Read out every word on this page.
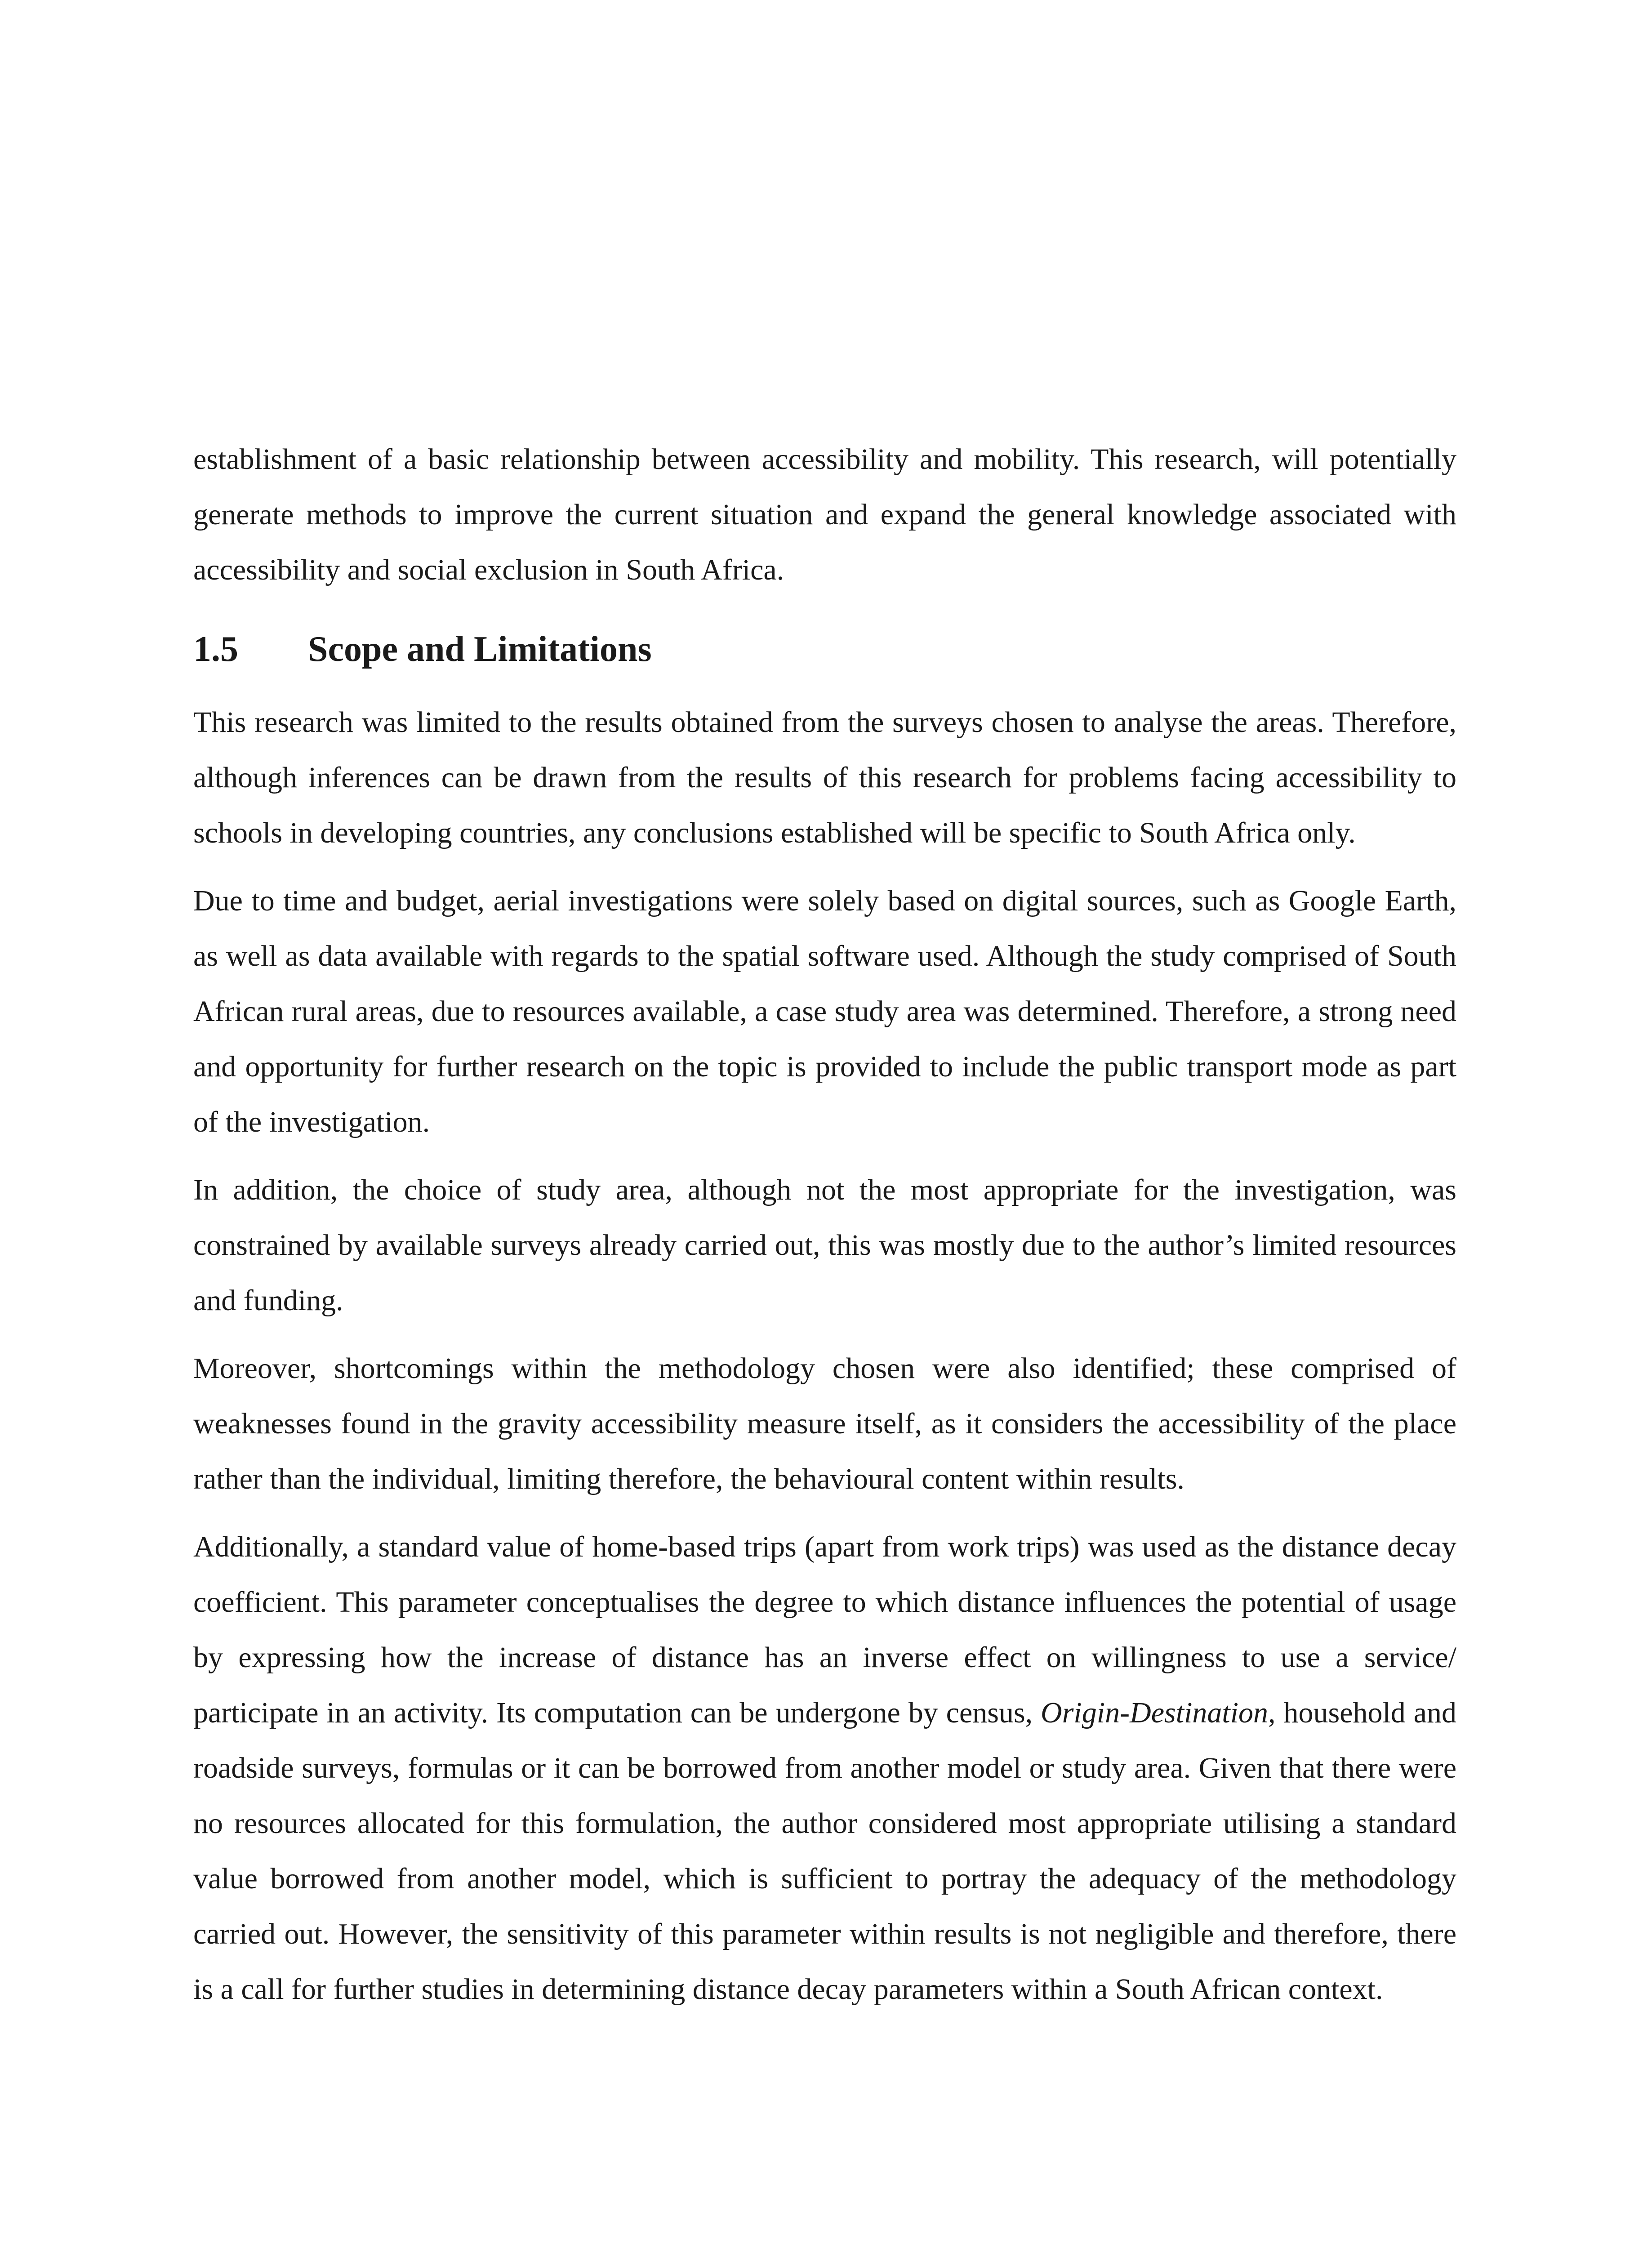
establishment of a basic relationship between accessibility and mobility. This research, will potentially generate methods to improve the current situation and expand the general knowledge associated with accessibility and social exclusion in South Africa.

1.5	Scope and Limitations

This research was limited to the results obtained from the surveys chosen to analyse the areas. Therefore, although inferences can be drawn from the results of this research for problems facing accessibility to schools in developing countries, any conclusions established will be specific to South Africa only.

Due to time and budget, aerial investigations were solely based on digital sources, such as Google Earth, as well as data available with regards to the spatial software used. Although the study comprised of South African rural areas, due to resources available, a case study area was determined. Therefore, a strong need and opportunity for further research on the topic is provided to include the public transport mode as part of the investigation.

In addition, the choice of study area, although not the most appropriate for the investigation, was constrained by available surveys already carried out, this was mostly due to the author’s limited resources and funding.

Moreover, shortcomings within the methodology chosen were also identified; these comprised of weaknesses found in the gravity accessibility measure itself, as it considers the accessibility of the place rather than the individual, limiting therefore, the behavioural content within results.

Additionally, a standard value of home-based trips (apart from work trips) was used as the distance decay coefficient. This parameter conceptualises the degree to which distance influences the potential of usage by expressing how the increase of distance has an inverse effect on willingness to use a service/ participate in an activity. Its computation can be undergone by census, Origin-Destination, household and roadside surveys, formulas or it can be borrowed from another model or study area. Given that there were no resources allocated for this formulation, the author considered most appropriate utilising a standard value borrowed from another model, which is sufficient to portray the adequacy of the methodology carried out. However, the sensitivity of this parameter within results is not negligible and therefore, there is a call for further studies in determining distance decay parameters within a South African context.
